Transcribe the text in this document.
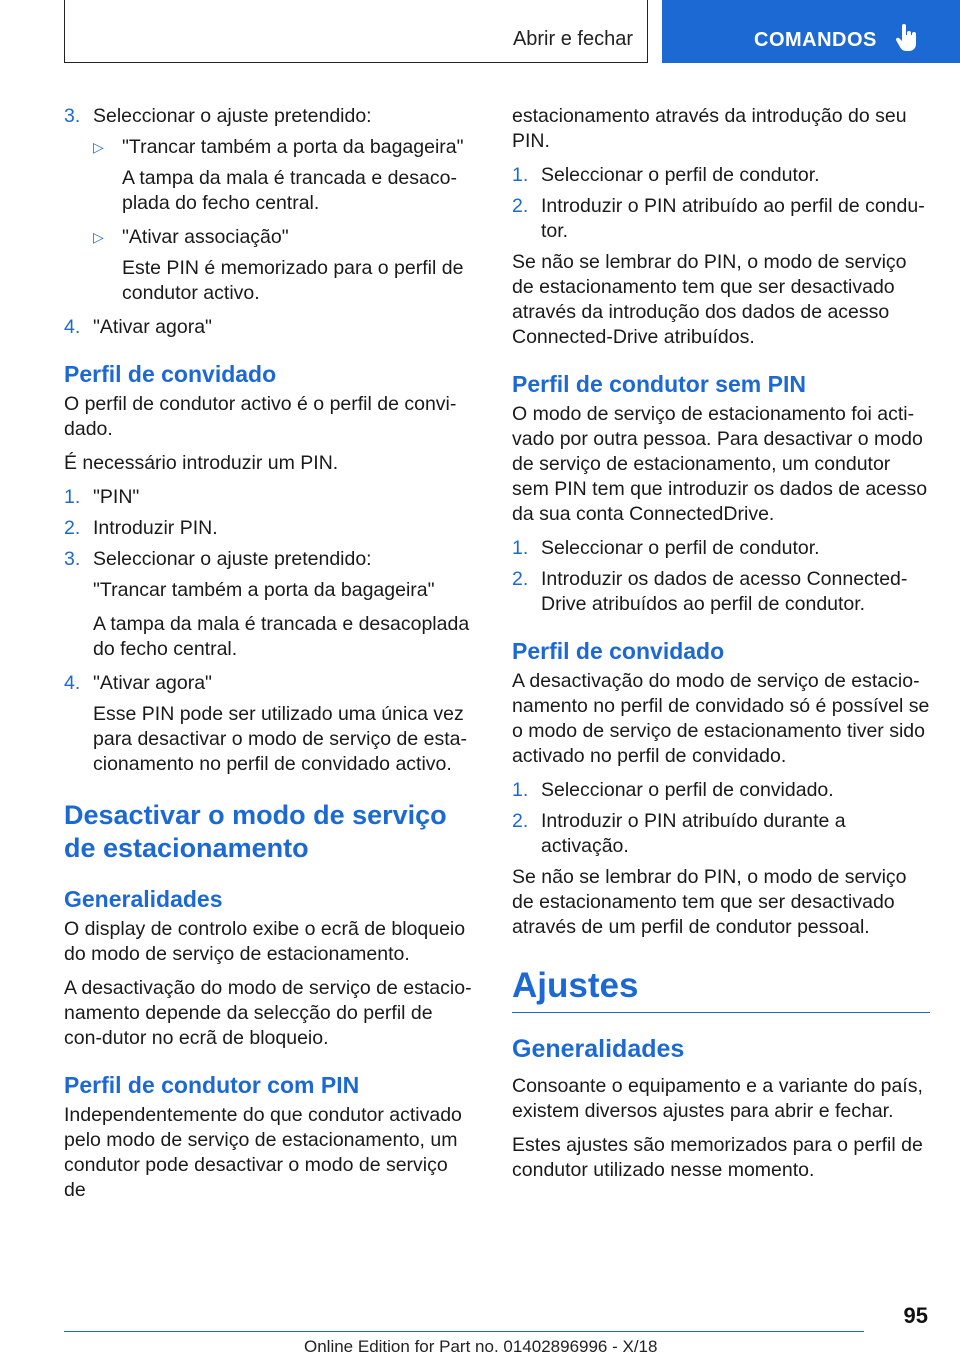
Abrir e fechar	COMANDOS
3. Seleccionar o ajuste pretendido:
▷ "Trancar também a porta da bagageira"

A tampa da mala é trancada e desaco-plada do fecho central.

▷ "Ativar associação"

Este PIN é memorizado para o perfil de condutor activo.

4. "Ativar agora"
Perfil de convidado

O perfil de condutor activo é o perfil de convi-dado.

É necessário introduzir um PIN.

1. "PIN"
2. Introduzir PIN.
3. Seleccionar o ajuste pretendido:

"Trancar também a porta da bagageira"

A tampa da mala é trancada e desacoplada do fecho central.

4. "Ativar agora"

Esse PIN pode ser utilizado uma única vez para desactivar o modo de serviço de esta-cionamento no perfil de convidado activo.

Desactivar o modo de serviço de estacionamento
Generalidades

O display de controlo exibe o ecrã de bloqueio do modo de serviço de estacionamento.

A desactivação do modo de serviço de estacio-namento depende da selecção do perfil de con-dutor no ecrã de bloqueio.

Perfil de condutor com PIN

Independentemente do que condutor activado pelo modo de serviço de estacionamento, um condutor pode desactivar o modo de serviço de

estacionamento através da introdução do seu PIN.

1. Seleccionar o perfil de condutor.
2. Introduzir o PIN atribuído ao perfil de condu-tor.

Se não se lembrar do PIN, o modo de serviço de estacionamento tem que ser desactivado através da introdução dos dados de acesso Connected-Drive atribuídos.

Perfil de condutor sem PIN

O modo de serviço de estacionamento foi acti-vado por outra pessoa. Para desactivar o modo de serviço de estacionamento, um condutor sem PIN tem que introduzir os dados de acesso da sua conta ConnectedDrive.

1. Seleccionar o perfil de condutor.
2. Introduzir os dados de acesso Connected-Drive atribuídos ao perfil de condutor.
Perfil de convidado

A desactivação do modo de serviço de estacio-namento no perfil de convidado só é possível se o modo de serviço de estacionamento tiver sido activado no perfil de convidado.

1. Seleccionar o perfil de convidado.
2. Introduzir o PIN atribuído durante a activação.

Se não se lembrar do PIN, o modo de serviço de estacionamento tem que ser desactivado através de um perfil de condutor pessoal.

Ajustes
Generalidades

Consoante o equipamento e a variante do país, existem diversos ajustes para abrir e fechar.

Estes ajustes são memorizados para o perfil de condutor utilizado nesse momento.

95
Online Edition for Part no. 01402896996 - X/18
